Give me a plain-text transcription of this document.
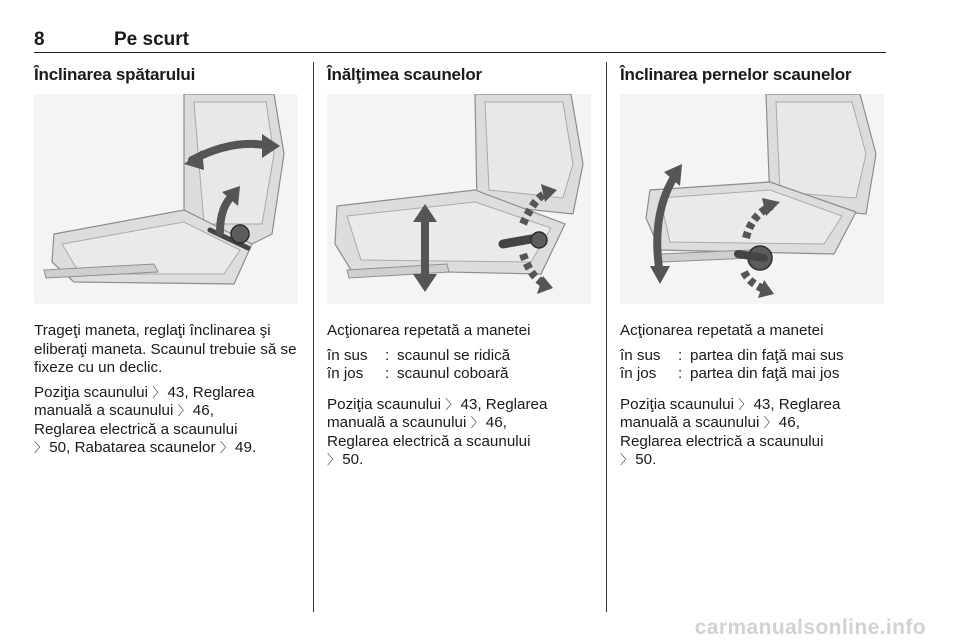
8	Pe scurt
Înclinarea spătarului

Trageţi maneta, reglaţi înclinarea şi eliberaţi maneta. Scaunul trebuie să se fixeze cu un declic.

Poziţia scaunului 〉 43, Reglarea
manuală a scaunului 〉 46,
Reglarea electrică a scaunului
〉 50, Rabatarea scaunelor 〉 49.
Înălţimea scaunelor

Acţionarea repetată a manetei

în sus	: scaunul se ridică
în jos	: scaunul coboară
Poziţia scaunului 〉 43, Reglarea
manuală a scaunului 〉 46,
Reglarea electrică a scaunului
〉 50.
Înclinarea pernelor scaunelor

Acţionarea repetată a manetei

în sus	: partea din faţă mai sus
în jos	: partea din faţă mai jos
Poziţia scaunului 〉 43, Reglarea
manuală a scaunului 〉 46,
Reglarea electrică a scaunului
〉 50.
carmanualsonline.info
